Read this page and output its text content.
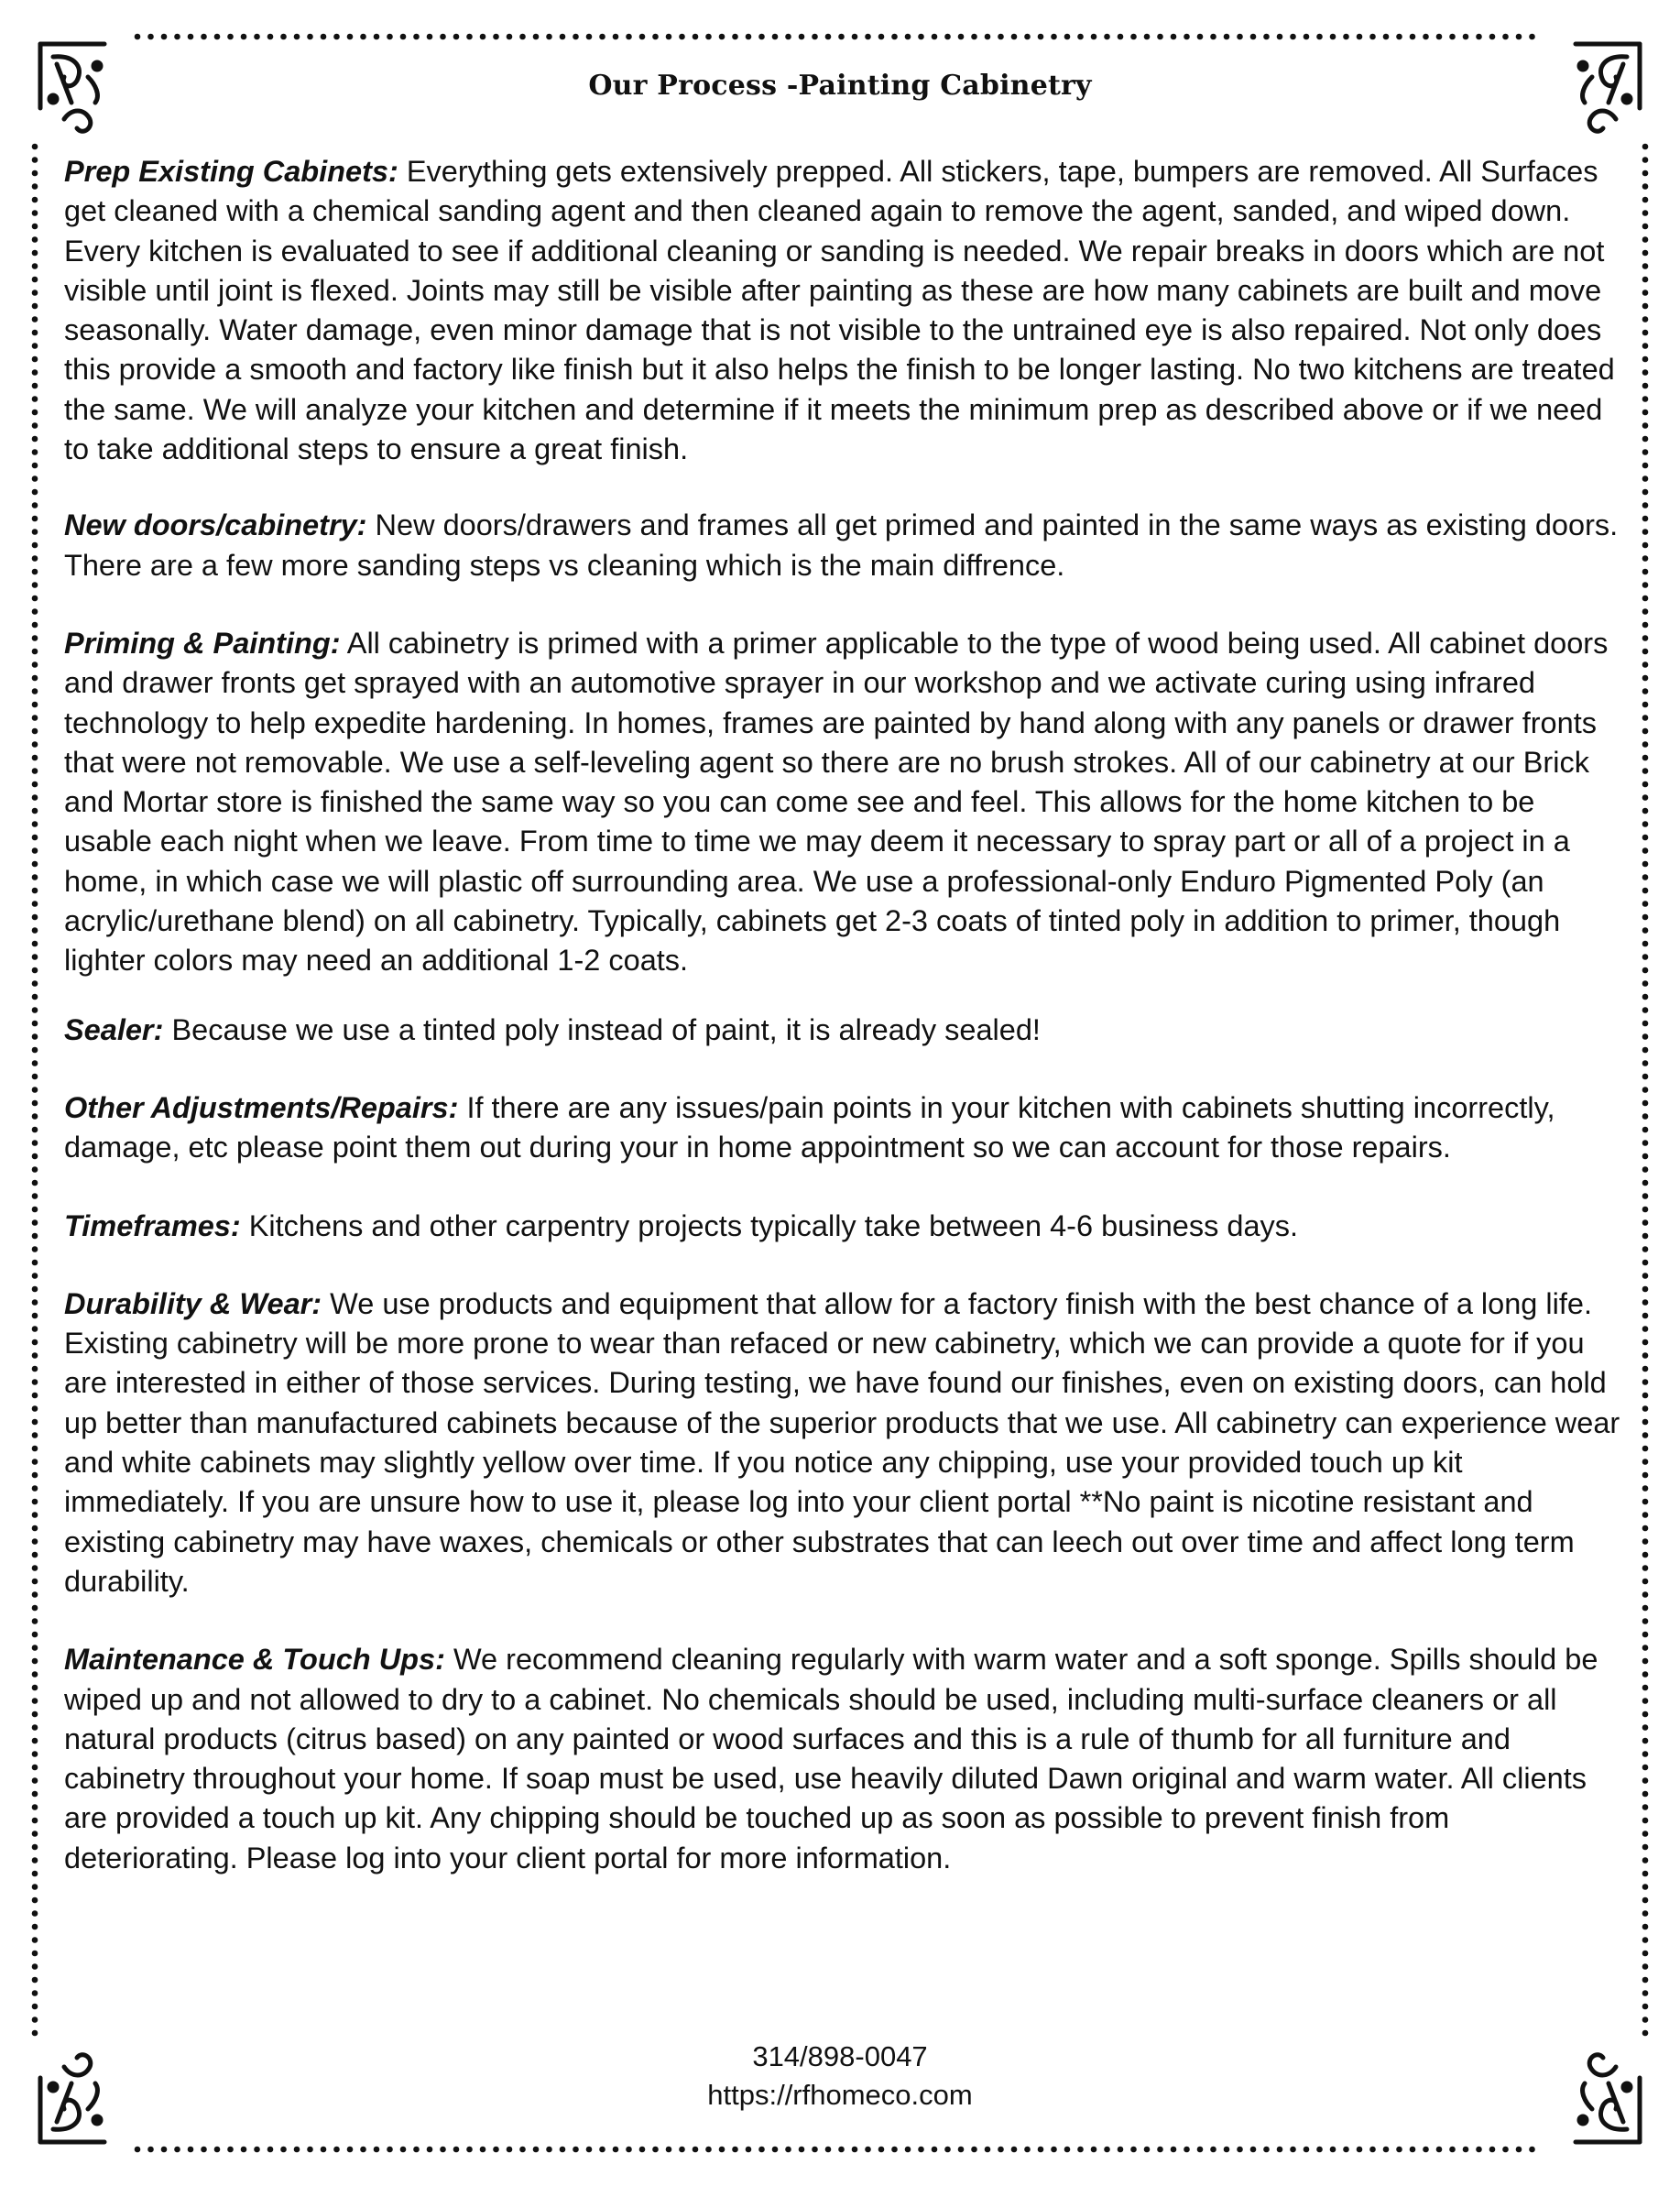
Our Process -Painting Cabinetry

Prep Existing Cabinets: Everything gets extensively prepped. All stickers, tape, bumpers are removed. All Surfaces get cleaned with a chemical sanding agent and then cleaned again to remove the agent, sanded, and wiped down. Every kitchen is evaluated to see if additional cleaning or sanding is needed. We repair breaks in doors which are not visible until joint is flexed. Joints may still be visible after painting as these are how many cabinets are built and move seasonally. Water damage, even minor damage that is not visible to the untrained eye is also repaired. Not only does this provide a smooth and factory like finish but it also helps the finish to be longer lasting. No two kitchens are treated the same. We will analyze your kitchen and determine if it meets the minimum prep as described above or if we need to take additional steps to ensure a great finish.

New doors/cabinetry: New doors/drawers and frames all get primed and painted in the same ways as existing doors. There are a few more sanding steps vs cleaning which is the main diffrence.

Priming & Painting: All cabinetry is primed with a primer applicable to the type of wood being used. All cabinet doors and drawer fronts get sprayed with an automotive sprayer in our workshop and we activate curing using infrared technology to help expedite hardening. In homes, frames are painted by hand along with any panels or drawer fronts that were not removable. We use a self-leveling agent so there are no brush strokes. All of our cabinetry at our Brick and Mortar store is finished the same way so you can come see and feel. This allows for the home kitchen to be usable each night when we leave. From time to time we may deem it necessary to spray part or all of a project in a home, in which case we will plastic off surrounding area. We use a professional-only Enduro Pigmented Poly (an acrylic/urethane blend) on all cabinetry. Typically, cabinets get 2-3 coats of tinted poly in addition to primer, though lighter colors may need an additional 1-2 coats.

Sealer: Because we use a tinted poly instead of paint, it is already sealed!

Other Adjustments/Repairs: If there are any issues/pain points in your kitchen with cabinets shutting incorrectly, damage, etc please point them out during your in home appointment so we can account for those repairs.

Timeframes: Kitchens and other carpentry projects typically take between 4-6 business days.

Durability & Wear: We use products and equipment that allow for a factory finish with the best chance of a long life. Existing cabinetry will be more prone to wear than refaced or new cabinetry, which we can provide a quote for if you are interested in either of those services. During testing, we have found our finishes, even on existing doors, can hold up better than manufactured cabinets because of the superior products that we use. All cabinetry can experience wear and white cabinets may slightly yellow over time. If you notice any chipping, use your provided touch up kit immediately. If you are unsure how to use it, please log into your client portal **No paint is nicotine resistant and existing cabinetry may have waxes, chemicals or other substrates that can leech out over time and affect long term durability.

Maintenance & Touch Ups: We recommend cleaning regularly with warm water and a soft sponge. Spills should be wiped up and not allowed to dry to a cabinet. No chemicals should be used, including multi-surface cleaners or all natural products (citrus based) on any painted or wood surfaces and this is a rule of thumb for all furniture and cabinetry throughout your home. If soap must be used, use heavily diluted Dawn original and warm water. All clients are provided a touch up kit. Any chipping should be touched up as soon as possible to prevent finish from deteriorating. Please log into your client portal for more information.

314/898-0047
https://rfhomeco.com
